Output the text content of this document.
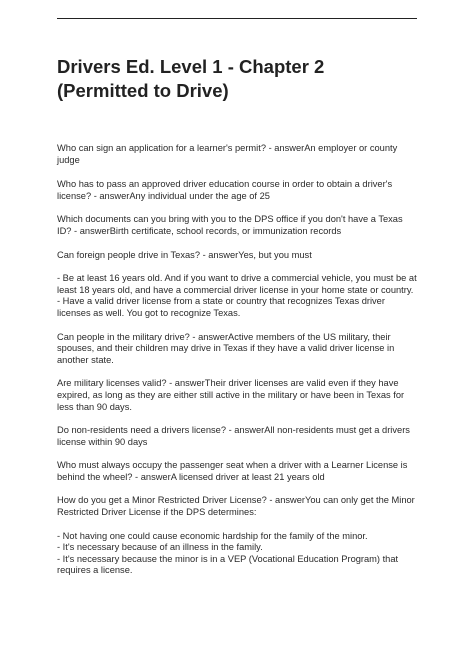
Drivers Ed. Level 1 - Chapter 2
(Permitted to Drive)

Who can sign an application for a learner's permit? - answerAn employer or county
judge

Who has to pass an approved driver education course in order to obtain a driver's
license? - answerAny individual under the age of 25

Which documents can you bring with you to the DPS office if you don't have a Texas
ID? - answerBirth certificate, school records, or immunization records

Can foreign people drive in Texas? - answerYes, but you must

- Be at least 16 years old. And if you want to drive a commercial vehicle, you must be at
least 18 years old, and have a commercial driver license in your home state or country.
- Have a valid driver license from a state or country that recognizes Texas driver
licenses as well. You got to recognize Texas.

Can people in the military drive? - answerActive members of the US military, their
spouses, and their children may drive in Texas if they have a valid driver license in
another state.

Are military licenses valid? - answerTheir driver licenses are valid even if they have
expired, as long as they are either still active in the military or have been in Texas for
less than 90 days.

Do non-residents need a drivers license? - answerAll non-residents must get a drivers
license within 90 days

Who must always occupy the passenger seat when a driver with a Learner License is
behind the wheel? - answerA licensed driver at least 21 years old

How do you get a Minor Restricted Driver License? - answerYou can only get the Minor
Restricted Driver License if the DPS determines:

- Not having one could cause economic hardship for the family of the minor.
- It's necessary because of an illness in the family.
- It's necessary because the minor is in a VEP (Vocational Education Program) that
requires a license.
